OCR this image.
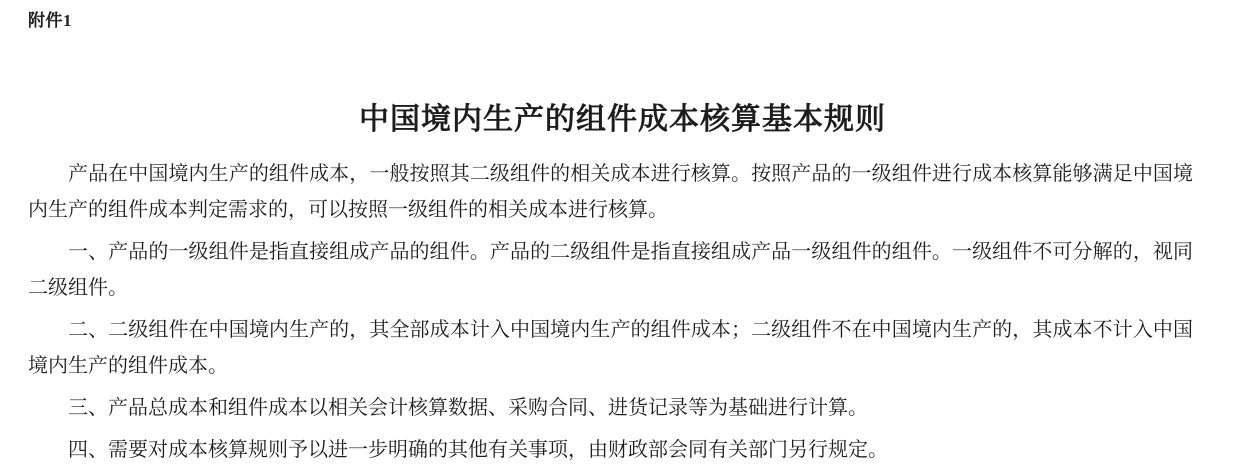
附件1
中国境内生产的组件成本核算基本规则

产品在中国境内生产的组件成本，一般按照其二级组件的相关成本进行核算。按照产品的一级组件进行成本核算能够满足中国境内生产的组件成本判定需求的，可以按照一级组件的相关成本进行核算。

一、产品的一级组件是指直接组成产品的组件。产品的二级组件是指直接组成产品一级组件的组件。一级组件不可分解的，视同二级组件。

二、二级组件在中国境内生产的，其全部成本计入中国境内生产的组件成本；二级组件不在中国境内生产的，其成本不计入中国境内生产的组件成本。

三、产品总成本和组件成本以相关会计核算数据、采购合同、进货记录等为基础进行计算。

四、需要对成本核算规则予以进一步明确的其他有关事项，由财政部会同有关部门另行规定。
